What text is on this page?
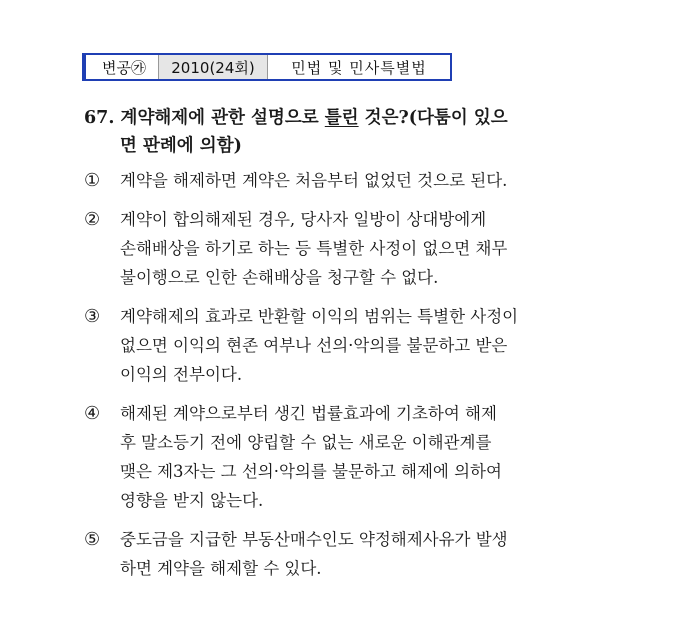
변공㉮	2010(24회)	민법 및 민사특별법
67. 계약해제에 관한 설명으로 틀린 것은?(다툼이 있으
면 판례에 의함)
①	계약을 해제하면 계약은 처음부터 없었던 것으로 된다.
②	계약이 합의해제된 경우, 당사자 일방이 상대방에게
손해배상을 하기로 하는 등 특별한 사정이 없으면 채무
불이행으로 인한 손해배상을 청구할 수 없다.
③	계약해제의 효과로 반환할 이익의 범위는 특별한 사정이
없으면 이익의 현존 여부나 선의·악의를 불문하고 받은
이익의 전부이다.
④	해제된 계약으로부터 생긴 법률효과에 기초하여 해제
후 말소등기 전에 양립할 수 없는 새로운 이해관계를
맺은 제3자는 그 선의·악의를 불문하고 해제에 의하여
영향을 받지 않는다.
⑤	중도금을 지급한 부동산매수인도 약정해제사유가 발생
하면 계약을 해제할 수 있다.
